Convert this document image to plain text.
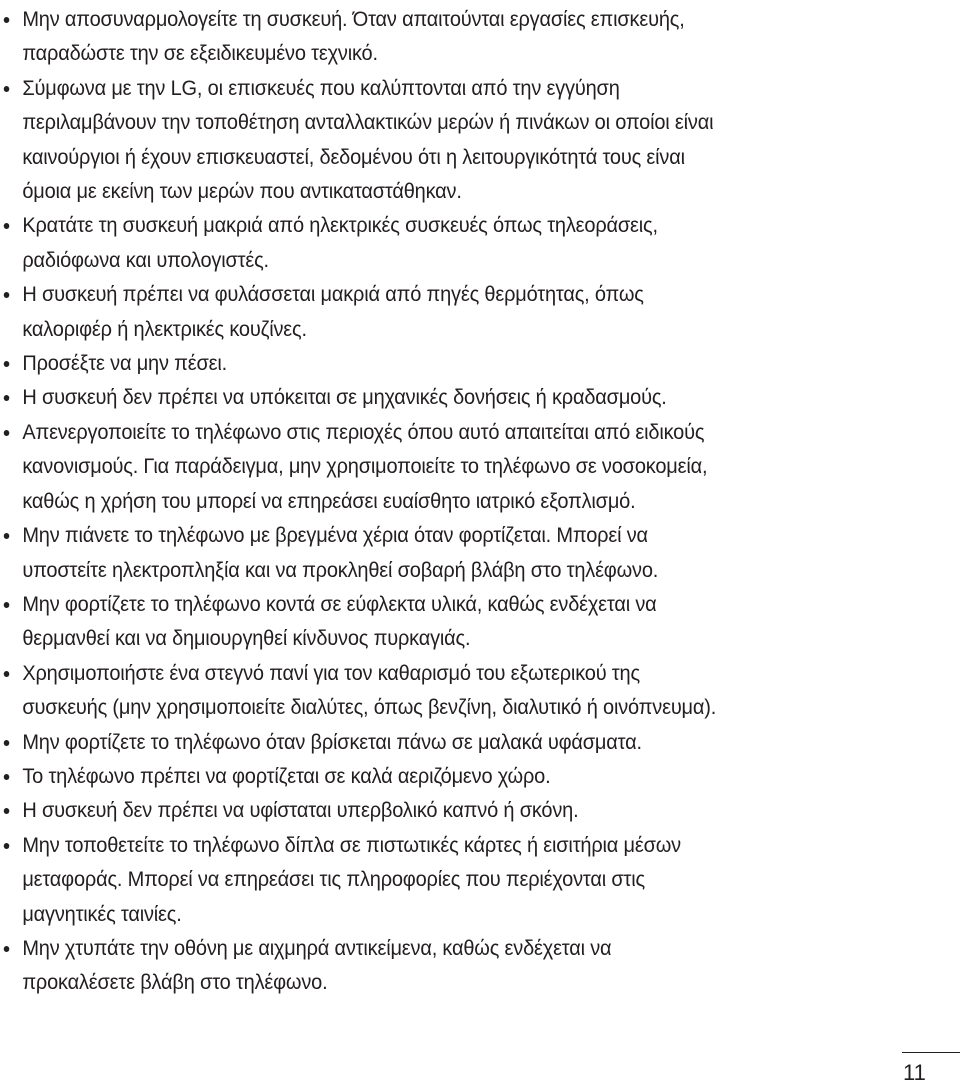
Μην αποσυναρμολογείτε τη συσκευή. Όταν απαιτούνται εργασίες επισκευής,
παραδώστε την σε εξειδικευμένο τεχνικό.
Σύμφωνα με την LG, οι επισκευές που καλύπτονται από την εγγύηση
περιλαμβάνουν την τοποθέτηση ανταλλακτικών μερών ή πινάκων οι οποίοι είναι
καινούργιοι ή έχουν επισκευαστεί, δεδομένου ότι η λειτουργικότητά τους είναι
όμοια με εκείνη των μερών που αντικαταστάθηκαν.
Κρατάτε τη συσκευή μακριά από ηλεκτρικές συσκευές όπως τηλεοράσεις,
ραδιόφωνα και υπολογιστές.
Η συσκευή πρέπει να φυλάσσεται μακριά από πηγές θερμότητας, όπως
καλοριφέρ ή ηλεκτρικές κουζίνες.
Προσέξτε να μην πέσει.
Η συσκευή δεν πρέπει να υπόκειται σε μηχανικές δονήσεις ή κραδασμούς.
Απενεργοποιείτε το τηλέφωνο στις περιοχές όπου αυτό απαιτείται από ειδικούς
κανονισμούς. Για παράδειγμα, μην χρησιμοποιείτε το τηλέφωνο σε νοσοκομεία,
καθώς η χρήση του μπορεί να επηρεάσει ευαίσθητο ιατρικό εξοπλισμό.
Μην πιάνετε το τηλέφωνο με βρεγμένα χέρια όταν φορτίζεται. Μπορεί να
υποστείτε ηλεκτροπληξία και να προκληθεί σοβαρή βλάβη στο τηλέφωνο.
Μην φορτίζετε το τηλέφωνο κοντά σε εύφλεκτα υλικά, καθώς ενδέχεται να
θερμανθεί και να δημιουργηθεί κίνδυνος πυρκαγιάς.
Χρησιμοποιήστε ένα στεγνό πανί για τον καθαρισμό του εξωτερικού της
συσκευής (μην χρησιμοποιείτε διαλύτες, όπως βενζίνη, διαλυτικό ή οινόπνευμα).
Μην φορτίζετε το τηλέφωνο όταν βρίσκεται πάνω σε μαλακά υφάσματα.
Το τηλέφωνο πρέπει να φορτίζεται σε καλά αεριζόμενο χώρο.
Η συσκευή δεν πρέπει να υφίσταται υπερβολικό καπνό ή σκόνη.
Μην τοποθετείτε το τηλέφωνο δίπλα σε πιστωτικές κάρτες ή εισιτήρια μέσων
μεταφοράς. Μπορεί να επηρεάσει τις πληροφορίες που περιέχονται στις
μαγνητικές ταινίες.
Μην χτυπάτε την οθόνη με αιχμηρά αντικείμενα, καθώς ενδέχεται να
προκαλέσετε βλάβη στο τηλέφωνο.
11
